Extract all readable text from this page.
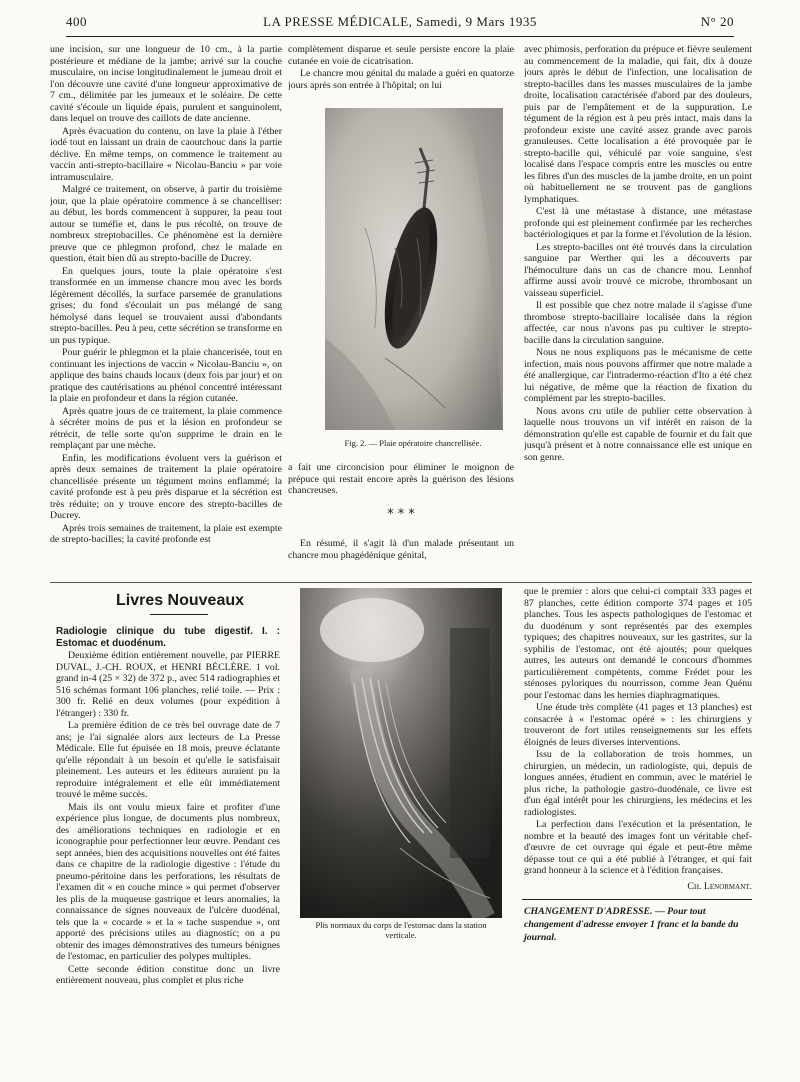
400	LA PRESSE MÉDICALE, Samedi, 9 Mars 1935	N° 20

une incision, sur une longueur de 10 cm., à la partie postérieure et médiane de la jambe; arrivé sur la couche musculaire, on incise longitudinalement le jumeau droit et l'on découvre une cavité d'une longueur approximative de 7 cm., délimitée par les jumeaux et le soléaire. De cette cavité s'écoule un liquide épais, purulent et sanguinolent, dans lequel on trouve des caillots de date ancienne.

Après évacuation du contenu, on lave la plaie à l'éther iodé tout en laissant un drain de caoutchouc dans la partie déclive. En même temps, on commence le traitement au vaccin anti-strepto-bacillaire « Nicolau-Banciu » par voie intramusculaire.

Malgré ce traitement, on observe, à partir du troisième jour, que la plaie opératoire commence à se chancelliser: au début, les bords commencent à suppurer, la peau tout autour se tuméfie et, dans le pus récolté, on trouve de nombreux streptobacilles. Ce phénomène est la dernière preuve que ce phlegmon profond, chez le malade en question, était bien dû au strepto-bacille de Ducrey.

En quelques jours, toute la plaie opératoire s'est transformée en un immense chancre mou avec les bords légèrement décollés, la surface parsemée de granulations grises; du fond s'écoulait un pus mélangé de sang hémolysé dans lequel se trouvaient aussi d'abondants strepto-bacilles. Peu à peu, cette sécrétion se transforme en un pus typique.

Pour guérir le phlegmon et la plaie chancerisée, tout en continuant les injections de vaccin « Nicolau-Banciu », on applique des bains chauds locaux (deux fois par jour) et on pratique des cautérisations au phénol concentré intéressant la plaie en profondeur et dans la région cutanée.

Après quatre jours de ce traitement, la plaie commence à sécréter moins de pus et la lésion en profondeur se rétrécit, de telle sorte qu'on supprime le drain en le remplaçant par une mèche.

Enfin, les modifications évoluent vers la guérison et après deux semaines de traitement la plaie opératoire chancellisée présente un tégument moins enflammé; la cavité profonde est à peu près disparue et la sécrétion est très réduite; on y trouve encore des strepto-bacilles de Ducrey.

Après trois semaines de traitement, la plaie est exempte de strepto-bacilles; la cavité profonde est

complètement disparue et seule persiste encore la plaie cutanée en voie de cicatrisation.

Le chancre mou génital du malade a guéri en quatorze jours après son entrée à l'hôpital; on lui

Fig. 2. — Plaie opératoire chancrellisée.

a fait une circoncision pour éliminer le moignon de prépuce qui restait encore après la guérison des lésions chancreuses.

* * *

En résumé, il s'agit là d'un malade présentant un chancre mou phagédénique génital,

avec phimosis, perforation du prépuce et fièvre seulement au commencement de la maladie, qui fait, dix à douze jours après le début de l'infection, une localisation de strepto-bacilles dans les masses musculaires de la jambe droite, localisation caractérisée d'abord par des douleurs, puis par de l'empâtement et de la suppuration. Le tégument de la région est à peu près intact, mais dans la profondeur existe une cavité assez grande avec parois granuleuses. Cette localisation a été provoquée par le strepto-bacille qui, véhiculé par voie sanguine, s'est localisé dans l'espace compris entre les muscles ou entre les fibres d'un des muscles de la jambe droite, en un point où habituellement ne se trouvent pas de ganglions lymphatiques.

C'est là une métastase à distance, une métastase profonde qui est pleinement confirmée par les recherches bactériologiques et par la forme et l'évolution de la lésion.

Les strepto-bacilles ont été trouvés dans la circulation sanguine par Werther qui les a découverts par l'hémoculture dans un cas de chancre mou. Lennhof affirme aussi avoir trouvé ce microbe, thrombosant un vaisseau superficiel.

Il est possible que chez notre malade il s'agisse d'une thrombose strepto-bacillaire localisée dans la région affectée, car nous n'avons pas pu cultiver le strepto-bacille dans la circulation sanguine.

Nous ne nous expliquons pas le mécanisme de cette infection, mais nous pouvons affirmer que notre malade a été anallergique, car l'intradermo-réaction d'Ito a été chez lui négative, de même que la réaction de fixation du complément par les strepto-bacilles.

Nous avons cru utile de publier cette observation à laquelle nous trouvons un vif intérêt en raison de la démonstration qu'elle est capable de fournir et du fait que jusqu'à présent et à notre connaissance elle est unique en son genre.

Livres Nouveaux

Radiologie clinique du tube digestif. I. : Estomac et duodénum.

Deuxième édition entièrement nouvelle, par PIERRE DUVAL, J.-CH. ROUX, et HENRI BÉCLÈRE. 1 vol. grand in-4 (25 × 32) de 372 p., avec 514 radiographies et 516 schémas formant 106 planches, relié toile. — Prix : 300 fr. Relié en deux volumes (pour expédition à l'étranger) : 330 fr.

La première édition de ce très bel ouvrage date de 7 ans; je l'ai signalée alors aux lecteurs de La Presse Médicale. Elle fut épuisée en 18 mois, preuve éclatante qu'elle répondait à un besoin et qu'elle le satisfaisait pleinement. Les auteurs et les éditeurs auraient pu la reproduire intégralement et elle eût immédiatement trouvé le même succès.

Mais ils ont voulu mieux faire et profiter d'une expérience plus longue, de documents plus nombreux, des améliorations techniques en radiologie et en iconographie pour perfectionner leur œuvre. Pendant ces sept années, bien des acquisitions nouvelles ont été faites dans ce chapitre de la radiologie digestive : l'étude du pneumo-péritoine dans les perforations, les résultats de l'examen dit « en couche mince » qui permet d'observer les plis de la muqueuse gastrique et leurs anomalies, la connaissance de signes nouveaux de l'ulcère duodénal, tels que la « cocarde » et la « tache suspendue », ont apporté des précisions utiles au diagnostic; on a pu obtenir des images démonstratives des tumeurs bénignes de l'estomac, en particulier des polypes multiples.

Cette seconde édition constitue donc un livre entièrement nouveau, plus complet et plus riche

Plis normaux du corps de l'estomac dans la station verticale.

que le premier : alors que celui-ci comptait 333 pages et 87 planches, cette édition comporte 374 pages et 105 planches. Tous les aspects pathologiques de l'estomac et du duodénum y sont représentés par des exemples typiques; des chapitres nouveaux, sur les gastrites, sur la syphilis de l'estomac, ont été ajoutés; pour quelques autres, les auteurs ont demandé le concours d'hommes particulièrement compétents, comme Frédet pour les sténoses pyloriques du nourrisson, comme Jean Quénu pour l'estomac dans les hernies diaphragmatiques.

Une étude très complète (41 pages et 13 planches) est consacrée à « l'estomac opéré » : les chirurgiens y trouveront de fort utiles renseignements sur les effets éloignés de leurs diverses interventions.

Issu de la collaboration de trois hommes, un chirurgien, un médecin, un radiologiste, qui, depuis de longues années, étudient en commun, avec le matériel le plus riche, la pathologie gastro-duodénale, ce livre est d'un égal intérêt pour les chirurgiens, les médecins et les radiologistes.

La perfection dans l'exécution et la présentation, le nombre et la beauté des images font un véritable chef-d'œuvre de cet ouvrage qui égale et peut-être même dépasse tout ce qui a été publié à l'étranger, et qui fait grand honneur à la science et à l'édition françaises.

Ch. Lenormant.

CHANGEMENT D'ADRESSE. — Pour tout changement d'adresse envoyer 1 franc et la bande du journal.
